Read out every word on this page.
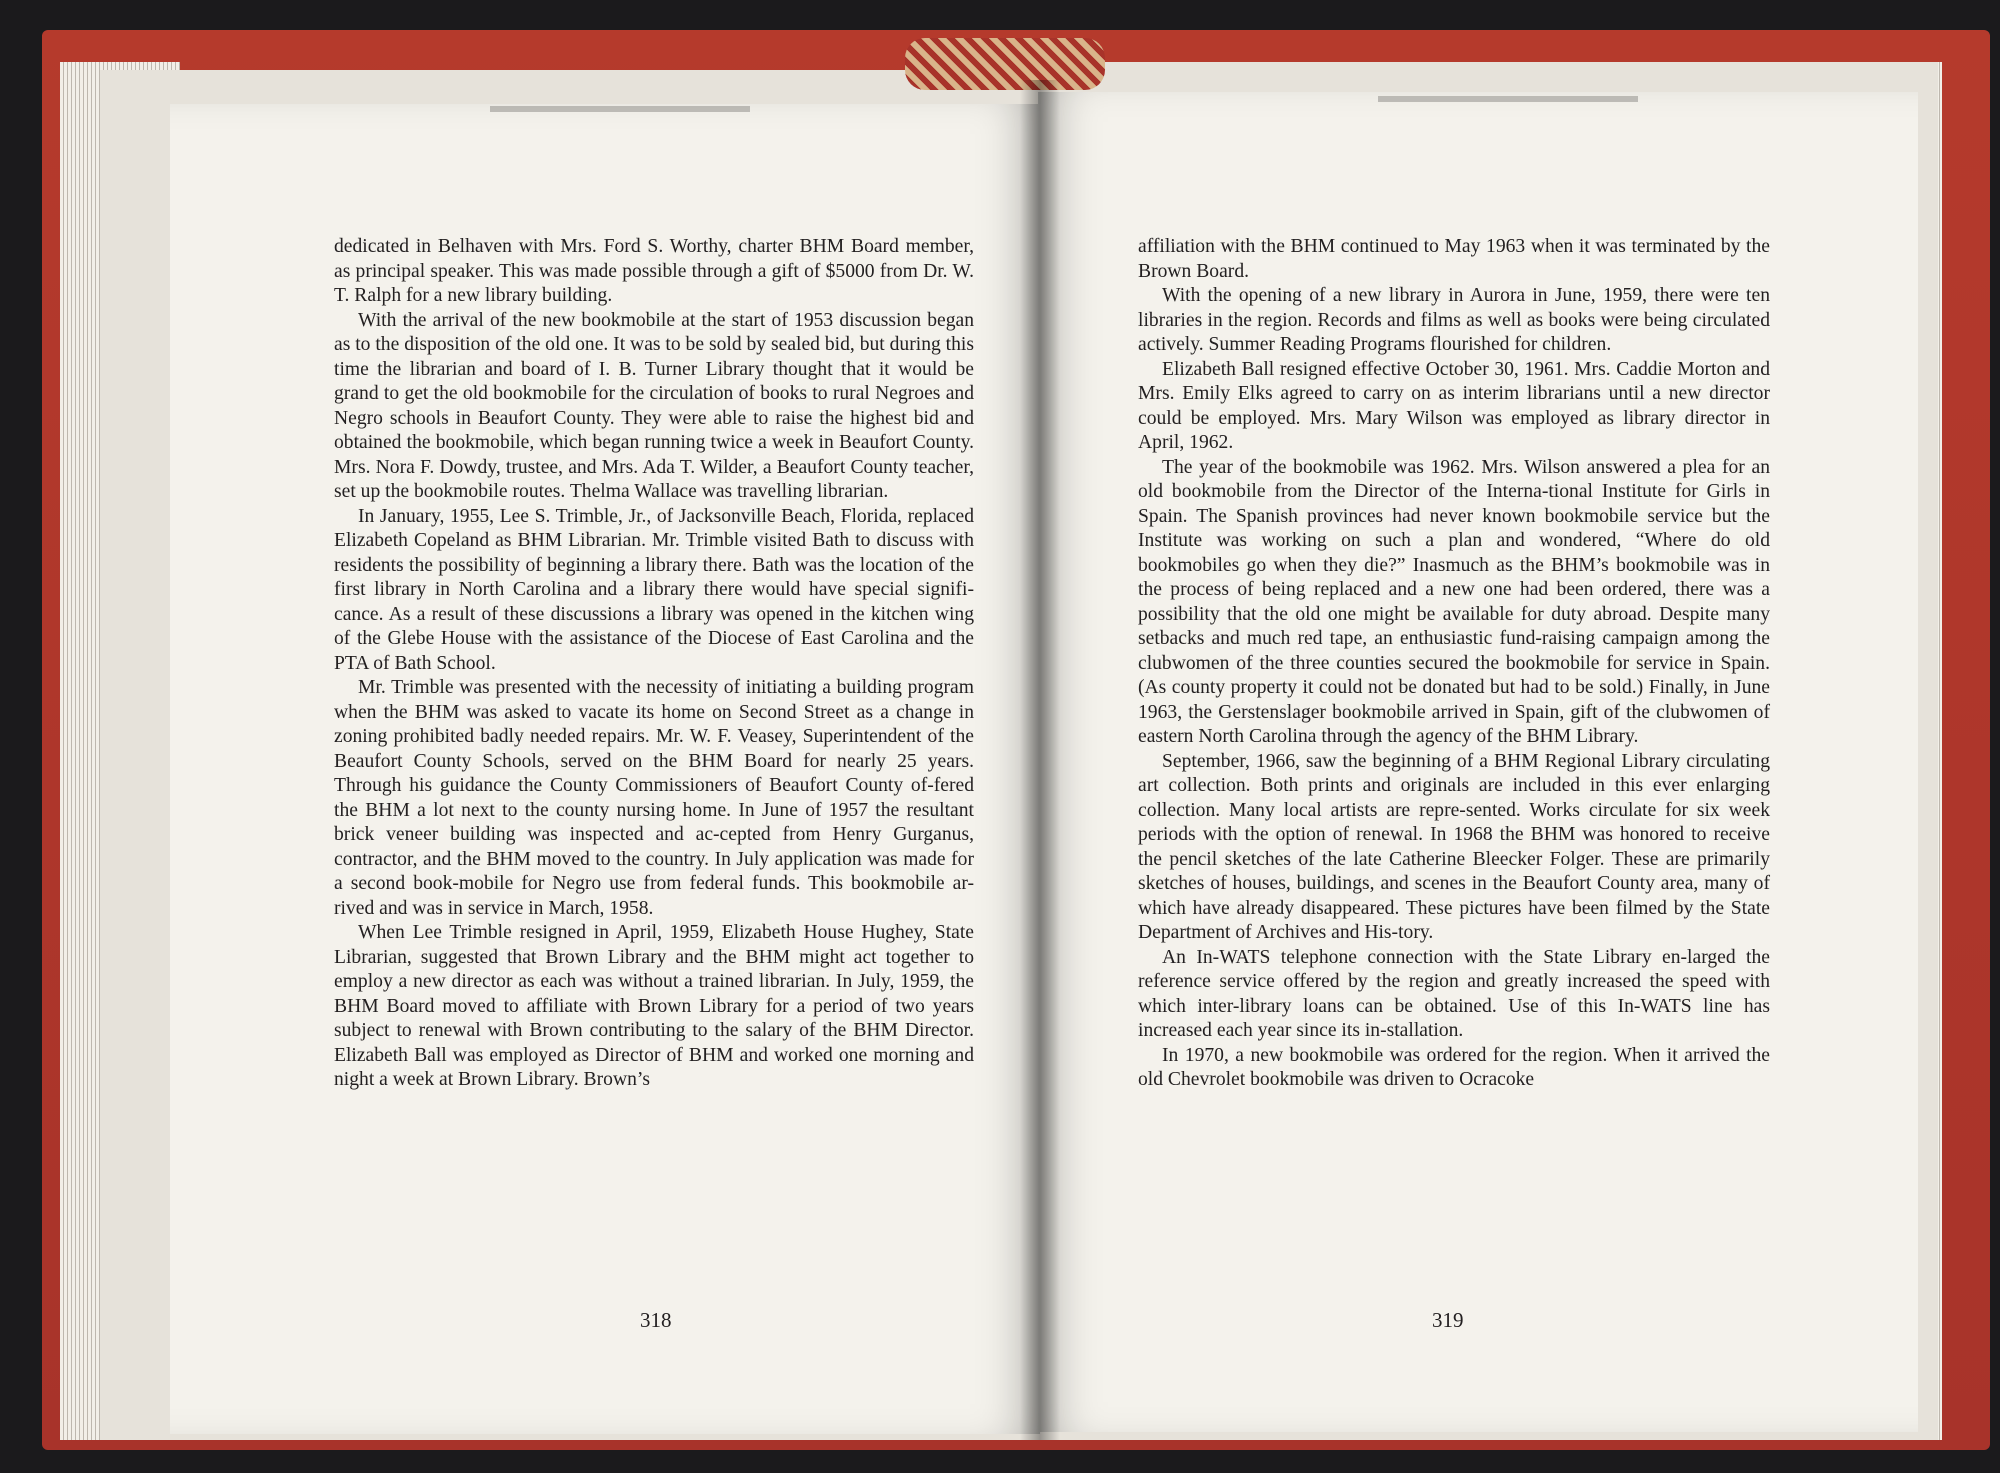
dedicated in Belhaven with Mrs. Ford S. Worthy, charter BHM Board member, as principal speaker. This was made possible through a gift of $5000 from Dr. W. T. Ralph for a new library building.

With the arrival of the new bookmobile at the start of 1953 discussion began as to the disposition of the old one. It was to be sold by sealed bid, but during this time the librarian and board of I. B. Turner Library thought that it would be grand to get the old bookmobile for the circulation of books to rural Negroes and Negro schools in Beaufort County. They were able to raise the highest bid and obtained the bookmobile, which began running twice a week in Beaufort County. Mrs. Nora F. Dowdy, trustee, and Mrs. Ada T. Wilder, a Beaufort County teacher, set up the bookmobile routes. Thelma Wallace was travelling librarian.

In January, 1955, Lee S. Trimble, Jr., of Jacksonville Beach, Florida, replaced Elizabeth Copeland as BHM Librarian. Mr. Trimble visited Bath to discuss with residents the possibility of beginning a library there. Bath was the location of the first library in North Carolina and a library there would have special signifi-cance. As a result of these discussions a library was opened in the kitchen wing of the Glebe House with the assistance of the Diocese of East Carolina and the PTA of Bath School.

Mr. Trimble was presented with the necessity of initiating a building program when the BHM was asked to vacate its home on Second Street as a change in zoning prohibited badly needed repairs. Mr. W. F. Veasey, Superintendent of the Beaufort County Schools, served on the BHM Board for nearly 25 years. Through his guidance the County Commissioners of Beaufort County of-fered the BHM a lot next to the county nursing home. In June of 1957 the resultant brick veneer building was inspected and ac-cepted from Henry Gurganus, contractor, and the BHM moved to the country. In July application was made for a second book-mobile for Negro use from federal funds. This bookmobile ar-rived and was in service in March, 1958.

When Lee Trimble resigned in April, 1959, Elizabeth House Hughey, State Librarian, suggested that Brown Library and the BHM might act together to employ a new director as each was without a trained librarian. In July, 1959, the BHM Board moved to affiliate with Brown Library for a period of two years subject to renewal with Brown contributing to the salary of the BHM Director. Elizabeth Ball was employed as Director of BHM and worked one morning and night a week at Brown Library. Brown’s

affiliation with the BHM continued to May 1963 when it was terminated by the Brown Board.

With the opening of a new library in Aurora in June, 1959, there were ten libraries in the region. Records and films as well as books were being circulated actively. Summer Reading Programs flourished for children.

Elizabeth Ball resigned effective October 30, 1961. Mrs. Caddie Morton and Mrs. Emily Elks agreed to carry on as interim librarians until a new director could be employed. Mrs. Mary Wilson was employed as library director in April, 1962.

The year of the bookmobile was 1962. Mrs. Wilson answered a plea for an old bookmobile from the Director of the Interna-tional Institute for Girls in Spain. The Spanish provinces had never known bookmobile service but the Institute was working on such a plan and wondered, “Where do old bookmobiles go when they die?” Inasmuch as the BHM’s bookmobile was in the process of being replaced and a new one had been ordered, there was a possibility that the old one might be available for duty abroad. Despite many setbacks and much red tape, an enthusiastic fund-raising campaign among the clubwomen of the three counties secured the bookmobile for service in Spain. (As county property it could not be donated but had to be sold.) Finally, in June 1963, the Gerstenslager bookmobile arrived in Spain, gift of the clubwomen of eastern North Carolina through the agency of the BHM Library.

September, 1966, saw the beginning of a BHM Regional Library circulating art collection. Both prints and originals are included in this ever enlarging collection. Many local artists are repre-sented. Works circulate for six week periods with the option of renewal. In 1968 the BHM was honored to receive the pencil sketches of the late Catherine Bleecker Folger. These are primarily sketches of houses, buildings, and scenes in the Beaufort County area, many of which have already disappeared. These pictures have been filmed by the State Department of Archives and His-tory.

An In-WATS telephone connection with the State Library en-larged the reference service offered by the region and greatly increased the speed with which inter-library loans can be obtained. Use of this In-WATS line has increased each year since its in-stallation.

In 1970, a new bookmobile was ordered for the region. When it arrived the old Chevrolet bookmobile was driven to Ocracoke

318	319
